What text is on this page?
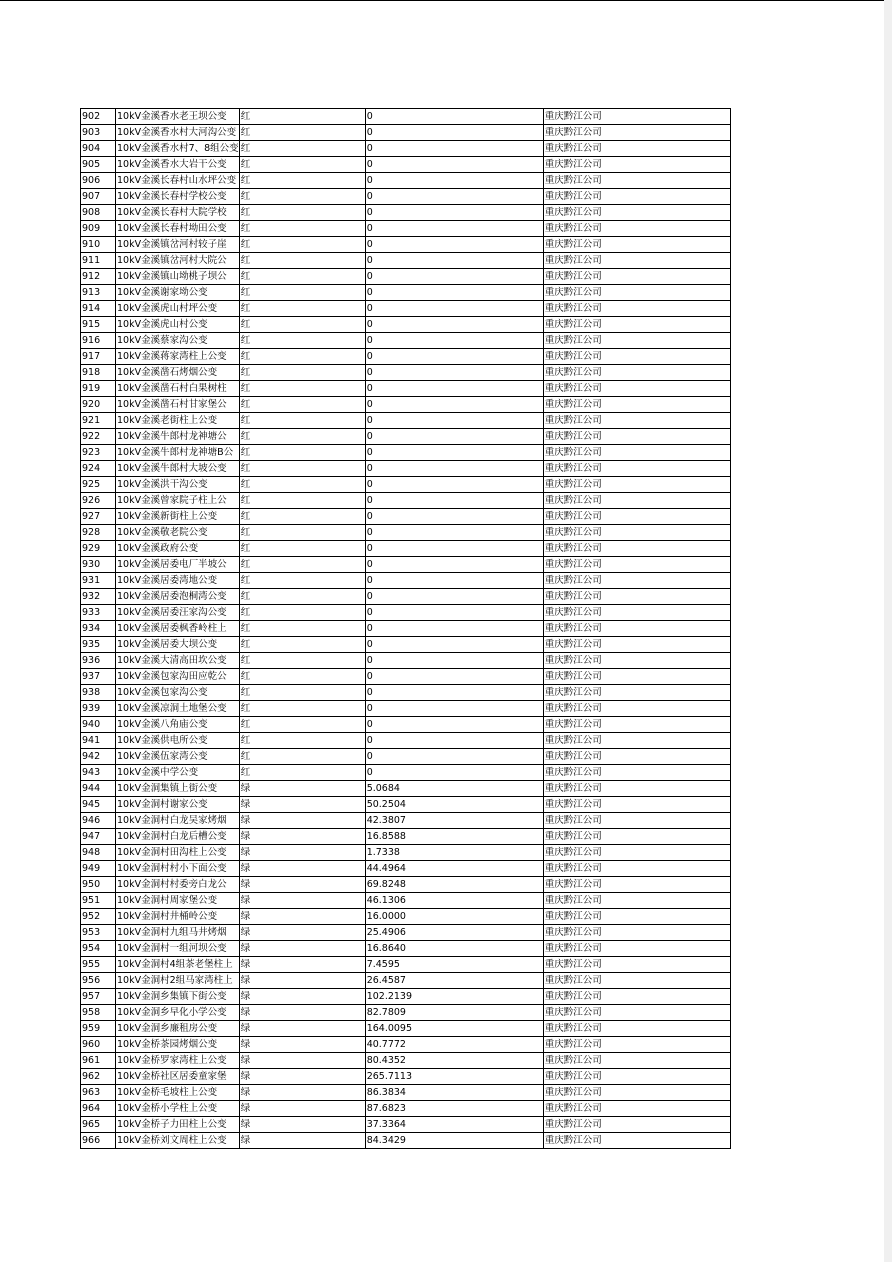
902	10kV金溪香水老王坝公变	红	0	重庆黔江公司
903	10kV金溪香水村大河沟公变	红	0	重庆黔江公司
904	10kV金溪香水村7、8组公变	红	0	重庆黔江公司
905	10kV金溪香水大岩干公变	红	0	重庆黔江公司
906	10kV金溪长春村山水坪公变	红	0	重庆黔江公司
907	10kV金溪长春村学校公变	红	0	重庆黔江公司
908	10kV金溪长春村大院学校	红	0	重庆黔江公司
909	10kV金溪长春村坳田公变	红	0	重庆黔江公司
910	10kV金溪镇岔河村较子崖	红	0	重庆黔江公司
911	10kV金溪镇岔河村大院公	红	0	重庆黔江公司
912	10kV金溪镇山坳桃子坝公	红	0	重庆黔江公司
913	10kV金溪谢家坳公变	红	0	重庆黔江公司
914	10kV金溪虎山村坪公变	红	0	重庆黔江公司
915	10kV金溪虎山村公变	红	0	重庆黔江公司
916	10kV金溪蔡家沟公变	红	0	重庆黔江公司
917	10kV金溪蒋家湾柱上公变	红	0	重庆黔江公司
918	10kV金溪凿石烤烟公变	红	0	重庆黔江公司
919	10kV金溪凿石村白果树柱	红	0	重庆黔江公司
920	10kV金溪凿石村甘家堡公	红	0	重庆黔江公司
921	10kV金溪老街柱上公变	红	0	重庆黔江公司
922	10kV金溪牛郎村龙神塘公	红	0	重庆黔江公司
923	10kV金溪牛郎村龙神塘B公	红	0	重庆黔江公司
924	10kV金溪牛郎村大坡公变	红	0	重庆黔江公司
925	10kV金溪洪干沟公变	红	0	重庆黔江公司
926	10kV金溪曾家院子柱上公	红	0	重庆黔江公司
927	10kV金溪新街柱上公变	红	0	重庆黔江公司
928	10kV金溪敬老院公变	红	0	重庆黔江公司
929	10kV金溪政府公变	红	0	重庆黔江公司
930	10kV金溪居委电厂半坡公	红	0	重庆黔江公司
931	10kV金溪居委湾地公变	红	0	重庆黔江公司
932	10kV金溪居委泡桐湾公变	红	0	重庆黔江公司
933	10kV金溪居委汪家沟公变	红	0	重庆黔江公司
934	10kV金溪居委枫香岭柱上	红	0	重庆黔江公司
935	10kV金溪居委大坝公变	红	0	重庆黔江公司
936	10kV金溪大清高田坎公变	红	0	重庆黔江公司
937	10kV金溪包家沟田应乾公	红	0	重庆黔江公司
938	10kV金溪包家沟公变	红	0	重庆黔江公司
939	10kV金溪凉洞土地堡公变	红	0	重庆黔江公司
940	10kV金溪八角庙公变	红	0	重庆黔江公司
941	10kV金溪供电所公变	红	0	重庆黔江公司
942	10kV金溪伍家湾公变	红	0	重庆黔江公司
943	10kV金溪中学公变	红	0	重庆黔江公司
944	10kV金洞集镇上街公变	绿	5.0684	重庆黔江公司
945	10kV金洞村谢家公变	绿	50.2504	重庆黔江公司
946	10kV金洞村白龙吴家烤烟	绿	42.3807	重庆黔江公司
947	10kV金洞村白龙后槽公变	绿	16.8588	重庆黔江公司
948	10kV金洞村田沟柱上公变	绿	1.7338	重庆黔江公司
949	10kV金洞村村小下面公变	绿	44.4964	重庆黔江公司
950	10kV金洞村村委旁白龙公	绿	69.8248	重庆黔江公司
951	10kV金洞村周家堡公变	绿	46.1306	重庆黔江公司
952	10kV金洞村井桶岭公变	绿	16.0000	重庆黔江公司
953	10kV金洞村九组马井烤烟	绿	25.4906	重庆黔江公司
954	10kV金洞村一组河坝公变	绿	16.8640	重庆黔江公司
955	10kV金洞村4组茶老堡柱上	绿	7.4595	重庆黔江公司
956	10kV金洞村2组马家湾柱上	绿	26.4587	重庆黔江公司
957	10kV金洞乡集镇下街公变	绿	102.2139	重庆黔江公司
958	10kV金洞乡早化小学公变	绿	82.7809	重庆黔江公司
959	10kV金洞乡廉租房公变	绿	164.0095	重庆黔江公司
960	10kV金桥茶园烤烟公变	绿	40.7772	重庆黔江公司
961	10kV金桥罗家湾柱上公变	绿	80.4352	重庆黔江公司
962	10kV金桥社区居委童家堡	绿	265.7113	重庆黔江公司
963	10kV金桥毛坡柱上公变	绿	86.3834	重庆黔江公司
964	10kV金桥小学柱上公变	绿	87.6823	重庆黔江公司
965	10kV金桥子力田柱上公变	绿	37.3364	重庆黔江公司
966	10kV金桥刘文周柱上公变	绿	84.3429	重庆黔江公司
